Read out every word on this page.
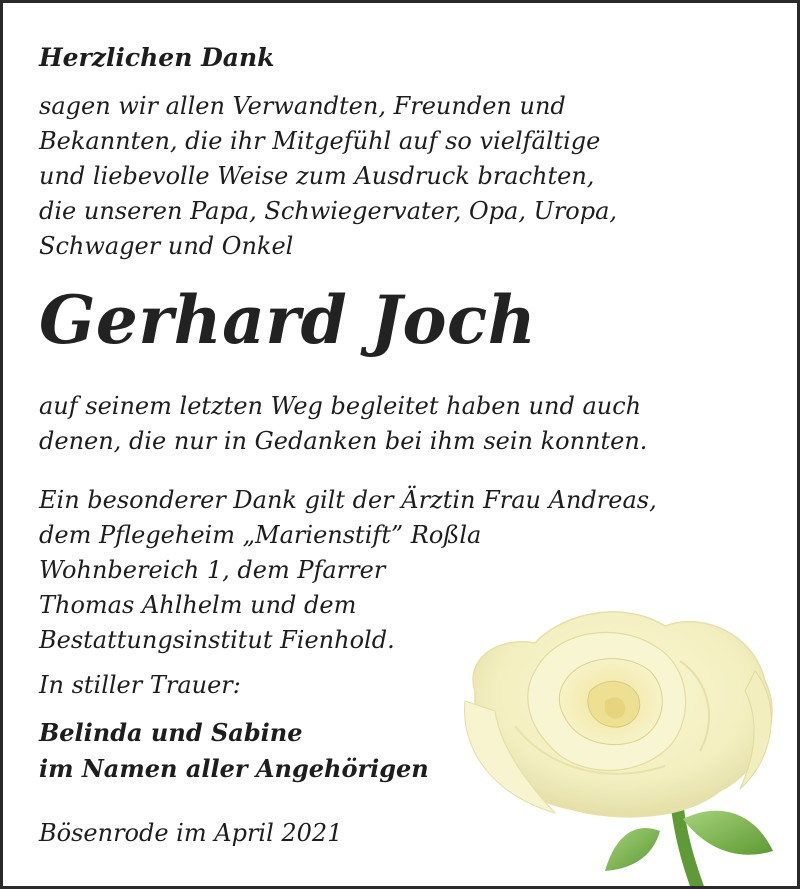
Herzlichen Dank

sagen wir allen Verwandten, Freunden und
Bekannten, die ihr Mitgefühl auf so vielfältige
und liebevolle Weise zum Ausdruck brachten,
die unseren Papa, Schwiegervater, Opa, Uropa,
Schwager und Onkel

Gerhard Joch

auf seinem letzten Weg begleitet haben und auch
denen, die nur in Gedanken bei ihm sein konnten.

Ein besonderer Dank gilt der Ärztin Frau Andreas,
dem Pflegeheim „Marienstift” Roßla
Wohnbereich 1, dem Pfarrer
Thomas Ahlhelm und dem
Bestattungsinstitut Fienhold.

In stiller Trauer:
Belinda und Sabine
im Namen aller Angehörigen
Bösenrode im April 2021
